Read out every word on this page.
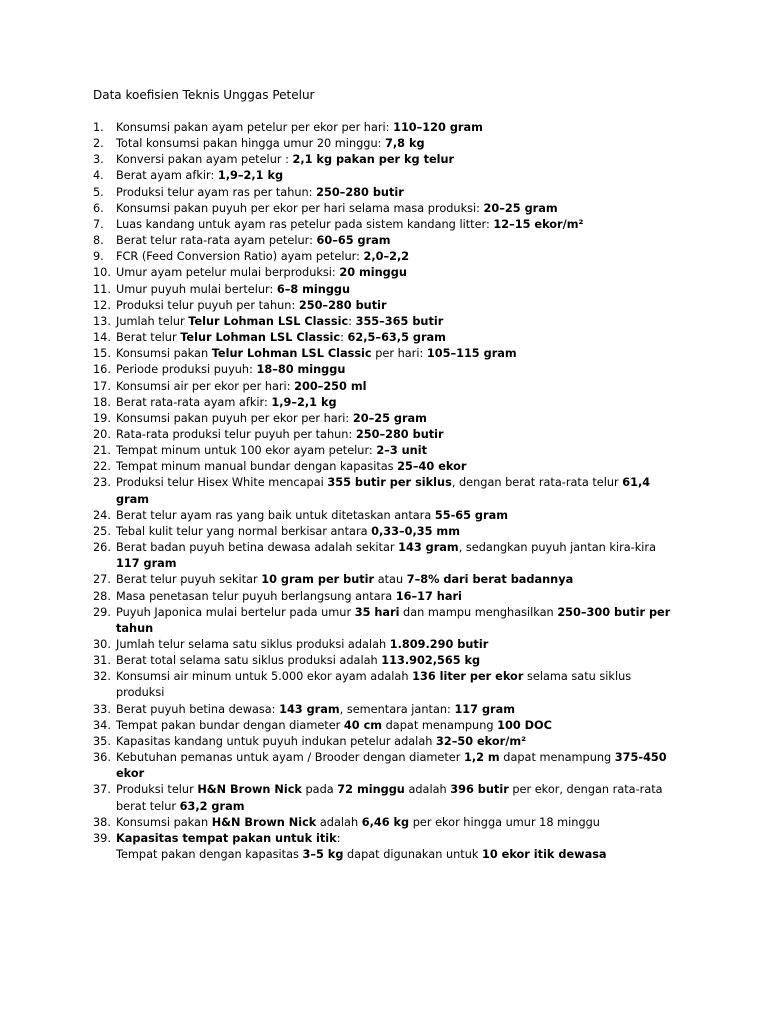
Data koefisien Teknis Unggas Petelur
1.	Konsumsi pakan ayam petelur per ekor per hari: 110–120 gram
2.	Total konsumsi pakan hingga umur 20 minggu: 7,8 kg
3.	Konversi pakan ayam petelur : 2,1 kg pakan per kg telur
4.	Berat ayam afkir: 1,9–2,1 kg
5.	Produksi telur ayam ras per tahun: 250–280 butir
6.	Konsumsi pakan puyuh per ekor per hari selama masa produksi: 20–25 gram
7.	Luas kandang untuk ayam ras petelur pada sistem kandang litter: 12–15 ekor/m²
8.	Berat telur rata-rata ayam petelur: 60–65 gram
9.	FCR (Feed Conversion Ratio) ayam petelur: 2,0–2,2
10. Umur ayam petelur mulai berproduksi: 20 minggu
11. Umur puyuh mulai bertelur: 6–8 minggu
12. Produksi telur puyuh per tahun: 250–280 butir
13. Jumlah telur Telur Lohman LSL Classic: 355–365 butir
14. Berat telur Telur Lohman LSL Classic: 62,5–63,5 gram
15. Konsumsi pakan Telur Lohman LSL Classic per hari: 105–115 gram
16. Periode produksi puyuh: 18–80 minggu
17. Konsumsi air per ekor per hari: 200–250 ml
18. Berat rata-rata ayam afkir: 1,9–2,1 kg
19. Konsumsi pakan puyuh per ekor per hari: 20–25 gram
20. Rata-rata produksi telur puyuh per tahun: 250–280 butir
21. Tempat minum untuk 100 ekor ayam petelur: 2–3 unit
22. Tempat minum manual bundar dengan kapasitas 25–40 ekor
23. Produksi telur Hisex White mencapai 355 butir per siklus, dengan berat rata-rata telur 61,4 gram
24. Berat telur ayam ras yang baik untuk ditetaskan antara 55-65 gram
25. Tebal kulit telur yang normal berkisar antara 0,33–0,35 mm
26. Berat badan puyuh betina dewasa adalah sekitar 143 gram, sedangkan puyuh jantan kira-kira 117 gram
27. Berat telur puyuh sekitar 10 gram per butir atau 7–8% dari berat badannya
28. Masa penetasan telur puyuh berlangsung antara 16–17 hari
29. Puyuh Japonica mulai bertelur pada umur 35 hari dan mampu menghasilkan 250–300 butir per tahun
30. Jumlah telur selama satu siklus produksi adalah 1.809.290 butir
31. Berat total selama satu siklus produksi adalah 113.902,565 kg
32. Konsumsi air minum untuk 5.000 ekor ayam adalah 136 liter per ekor selama satu siklus produksi
33. Berat puyuh betina dewasa: 143 gram, sementara jantan: 117 gram
34. Tempat pakan bundar dengan diameter 40 cm dapat menampung 100 DOC
35. Kapasitas kandang untuk puyuh indukan petelur adalah 32–50 ekor/m²
36. Kebutuhan pemanas untuk ayam / Brooder dengan diameter 1,2 m dapat menampung 375-450 ekor
37. Produksi telur H&N Brown Nick pada 72 minggu adalah 396 butir per ekor, dengan rata-rata berat telur 63,2 gram
38. Konsumsi pakan H&N Brown Nick adalah 6,46 kg per ekor hingga umur 18 minggu
39. Kapasitas tempat pakan untuk itik:
Tempat pakan dengan kapasitas 3–5 kg dapat digunakan untuk 10 ekor itik dewasa
